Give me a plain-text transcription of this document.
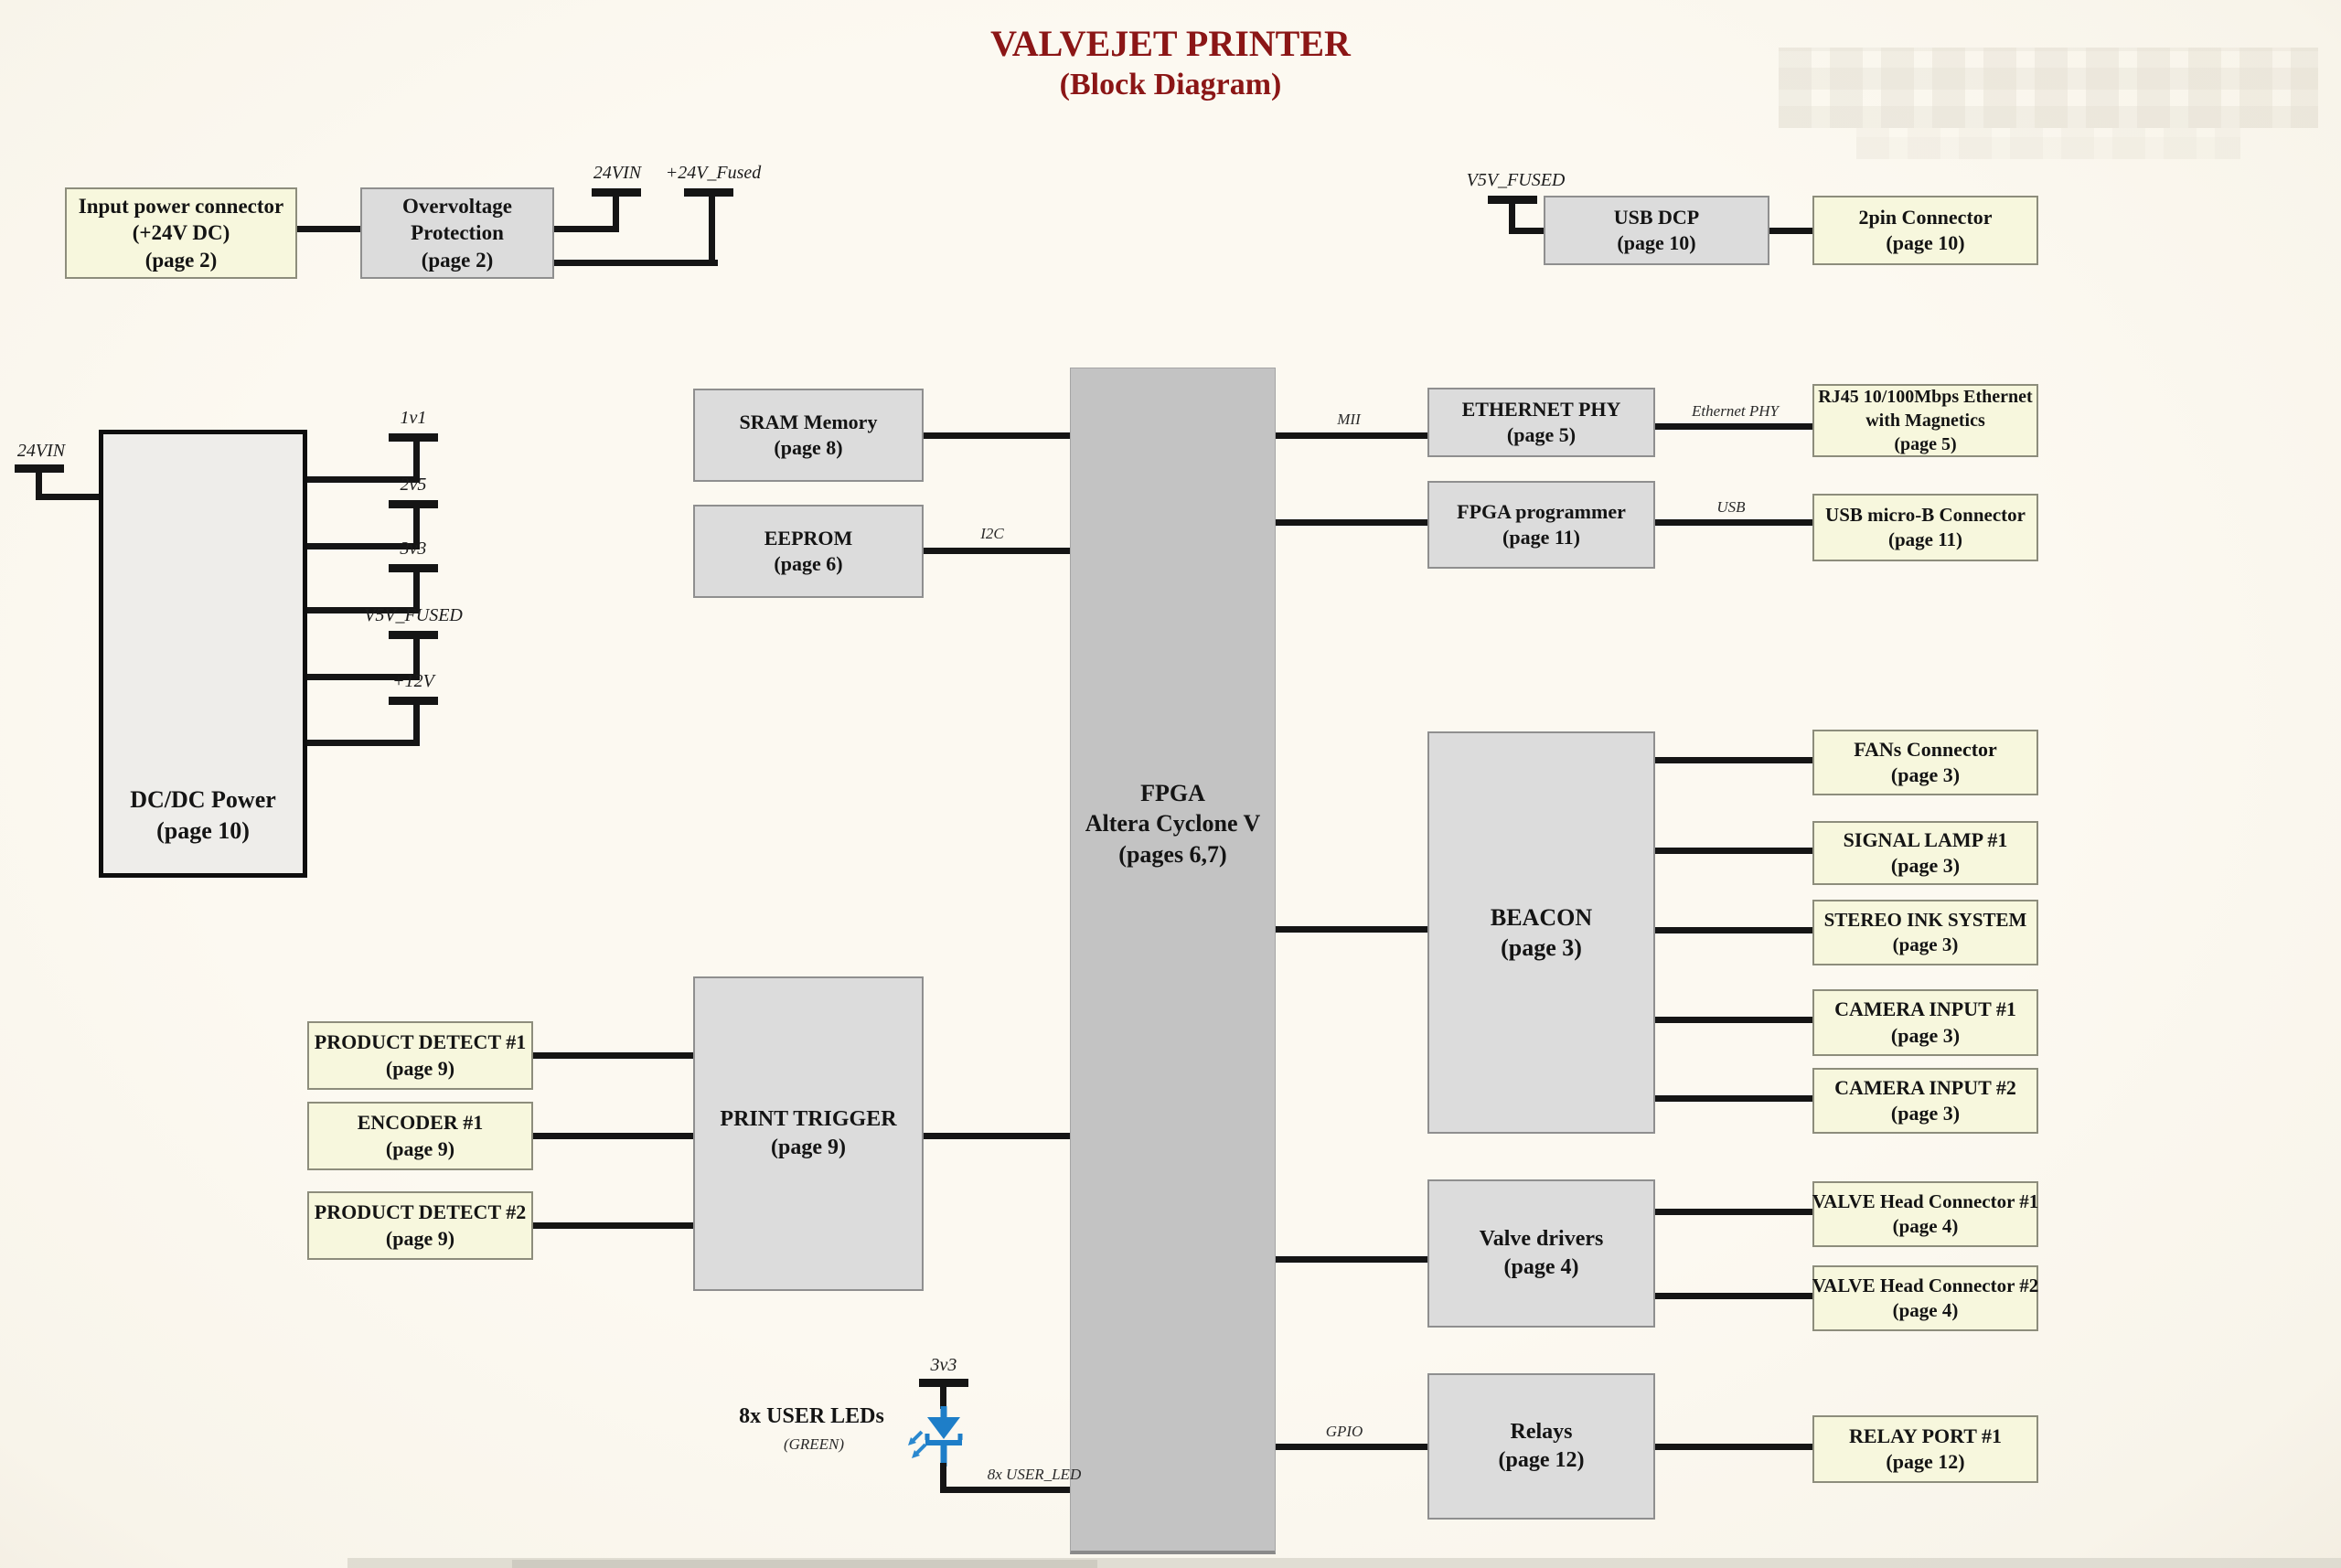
VALVEJET PRINTER
(Block Diagram)
Input power connector
(+24V DC)
(page 2)
Overvoltage
Protection
(page 2)
24VIN	+24V_Fused	V5V_FUSED
USB DCP
(page 10)
2pin Connector
(page 10)
DC/DC Power
(page 10)
24VIN
1v1
2v5
3v3
V5V_FUSED
+12V
SRAM Memory
(page 8)
EEPROM
(page 6)
I2C
FPGA
Altera Cyclone V
(pages 6,7)
PRODUCT DETECT #1
(page 9)
ENCODER #1
(page 9)
PRODUCT DETECT #2
(page 9)
PRINT TRIGGER
(page 9)
8x USER LEDs
(GREEN)
3v3
8x USER_LED
MII	ETHERNET PHY
(page 5)
Ethernet PHY
RJ45 10/100Mbps Ethernet
with Magnetics
(page 5)
FPGA programmer
(page 11)
USB	USB micro-B Connector
(page 11)
BEACON
(page 3)
FANs Connector
(page 3)
SIGNAL LAMP #1
(page 3)
STEREO INK SYSTEM
(page 3)
CAMERA INPUT #1
(page 3)
CAMERA INPUT #2
(page 3)
Valve drivers
(page 4)
VALVE Head Connector #1
(page 4)
VALVE Head Connector #2
(page 4)
GPIO	Relays
(page 12)
RELAY PORT #1
(page 12)
